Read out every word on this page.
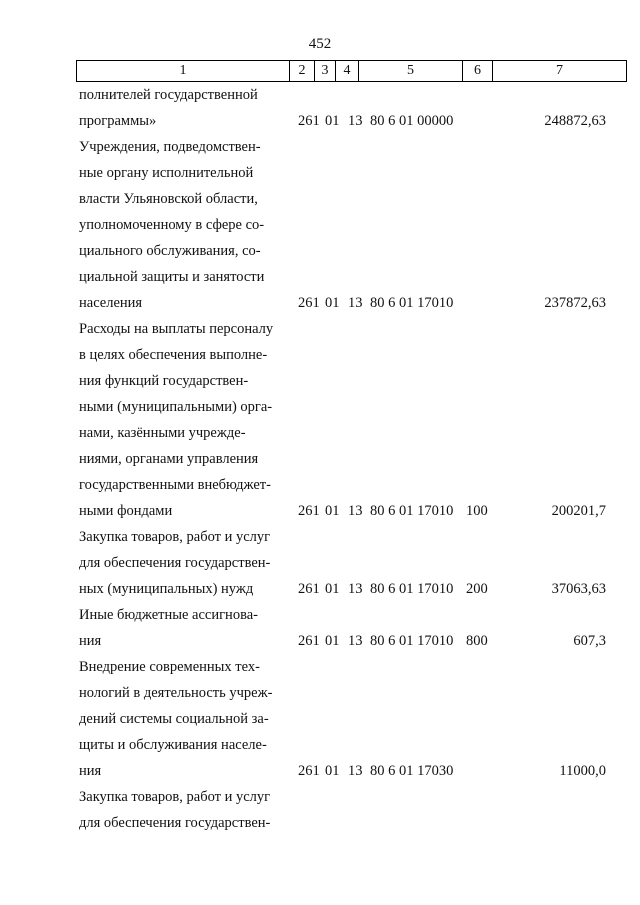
452
1	2	3	4	5	6	7
полнителей государственной
программы»	261 01 13 80 6 01 00000	248872,63
Учреждения, подведомствен-
ные органу исполнительной
власти Ульяновской области,
уполномоченному в сфере со-
циального обслуживания, со-
циальной защиты и занятости
населения	261 01 13 80 6 01 17010	237872,63
Расходы на выплаты персоналу
в целях обеспечения выполне-
ния функций государствен-
ными (муниципальными) орга-
нами, казёнными учрежде-
ниями, органами управления
государственными внебюджет-
ными фондами	261 01 13 80 6 01 17010 100	200201,7
Закупка товаров, работ и услуг
для обеспечения государствен-
ных (муниципальных) нужд	261 01 13 80 6 01 17010 200	37063,63
Иные бюджетные ассигнова-
ния	261 01 13 80 6 01 17010 800	607,3
Внедрение современных тех-
нологий в деятельность учреж-
дений системы социальной за-
щиты и обслуживания населе-
ния	261 01 13 80 6 01 17030	11000,0
Закупка товаров, работ и услуг
для обеспечения государствен-
